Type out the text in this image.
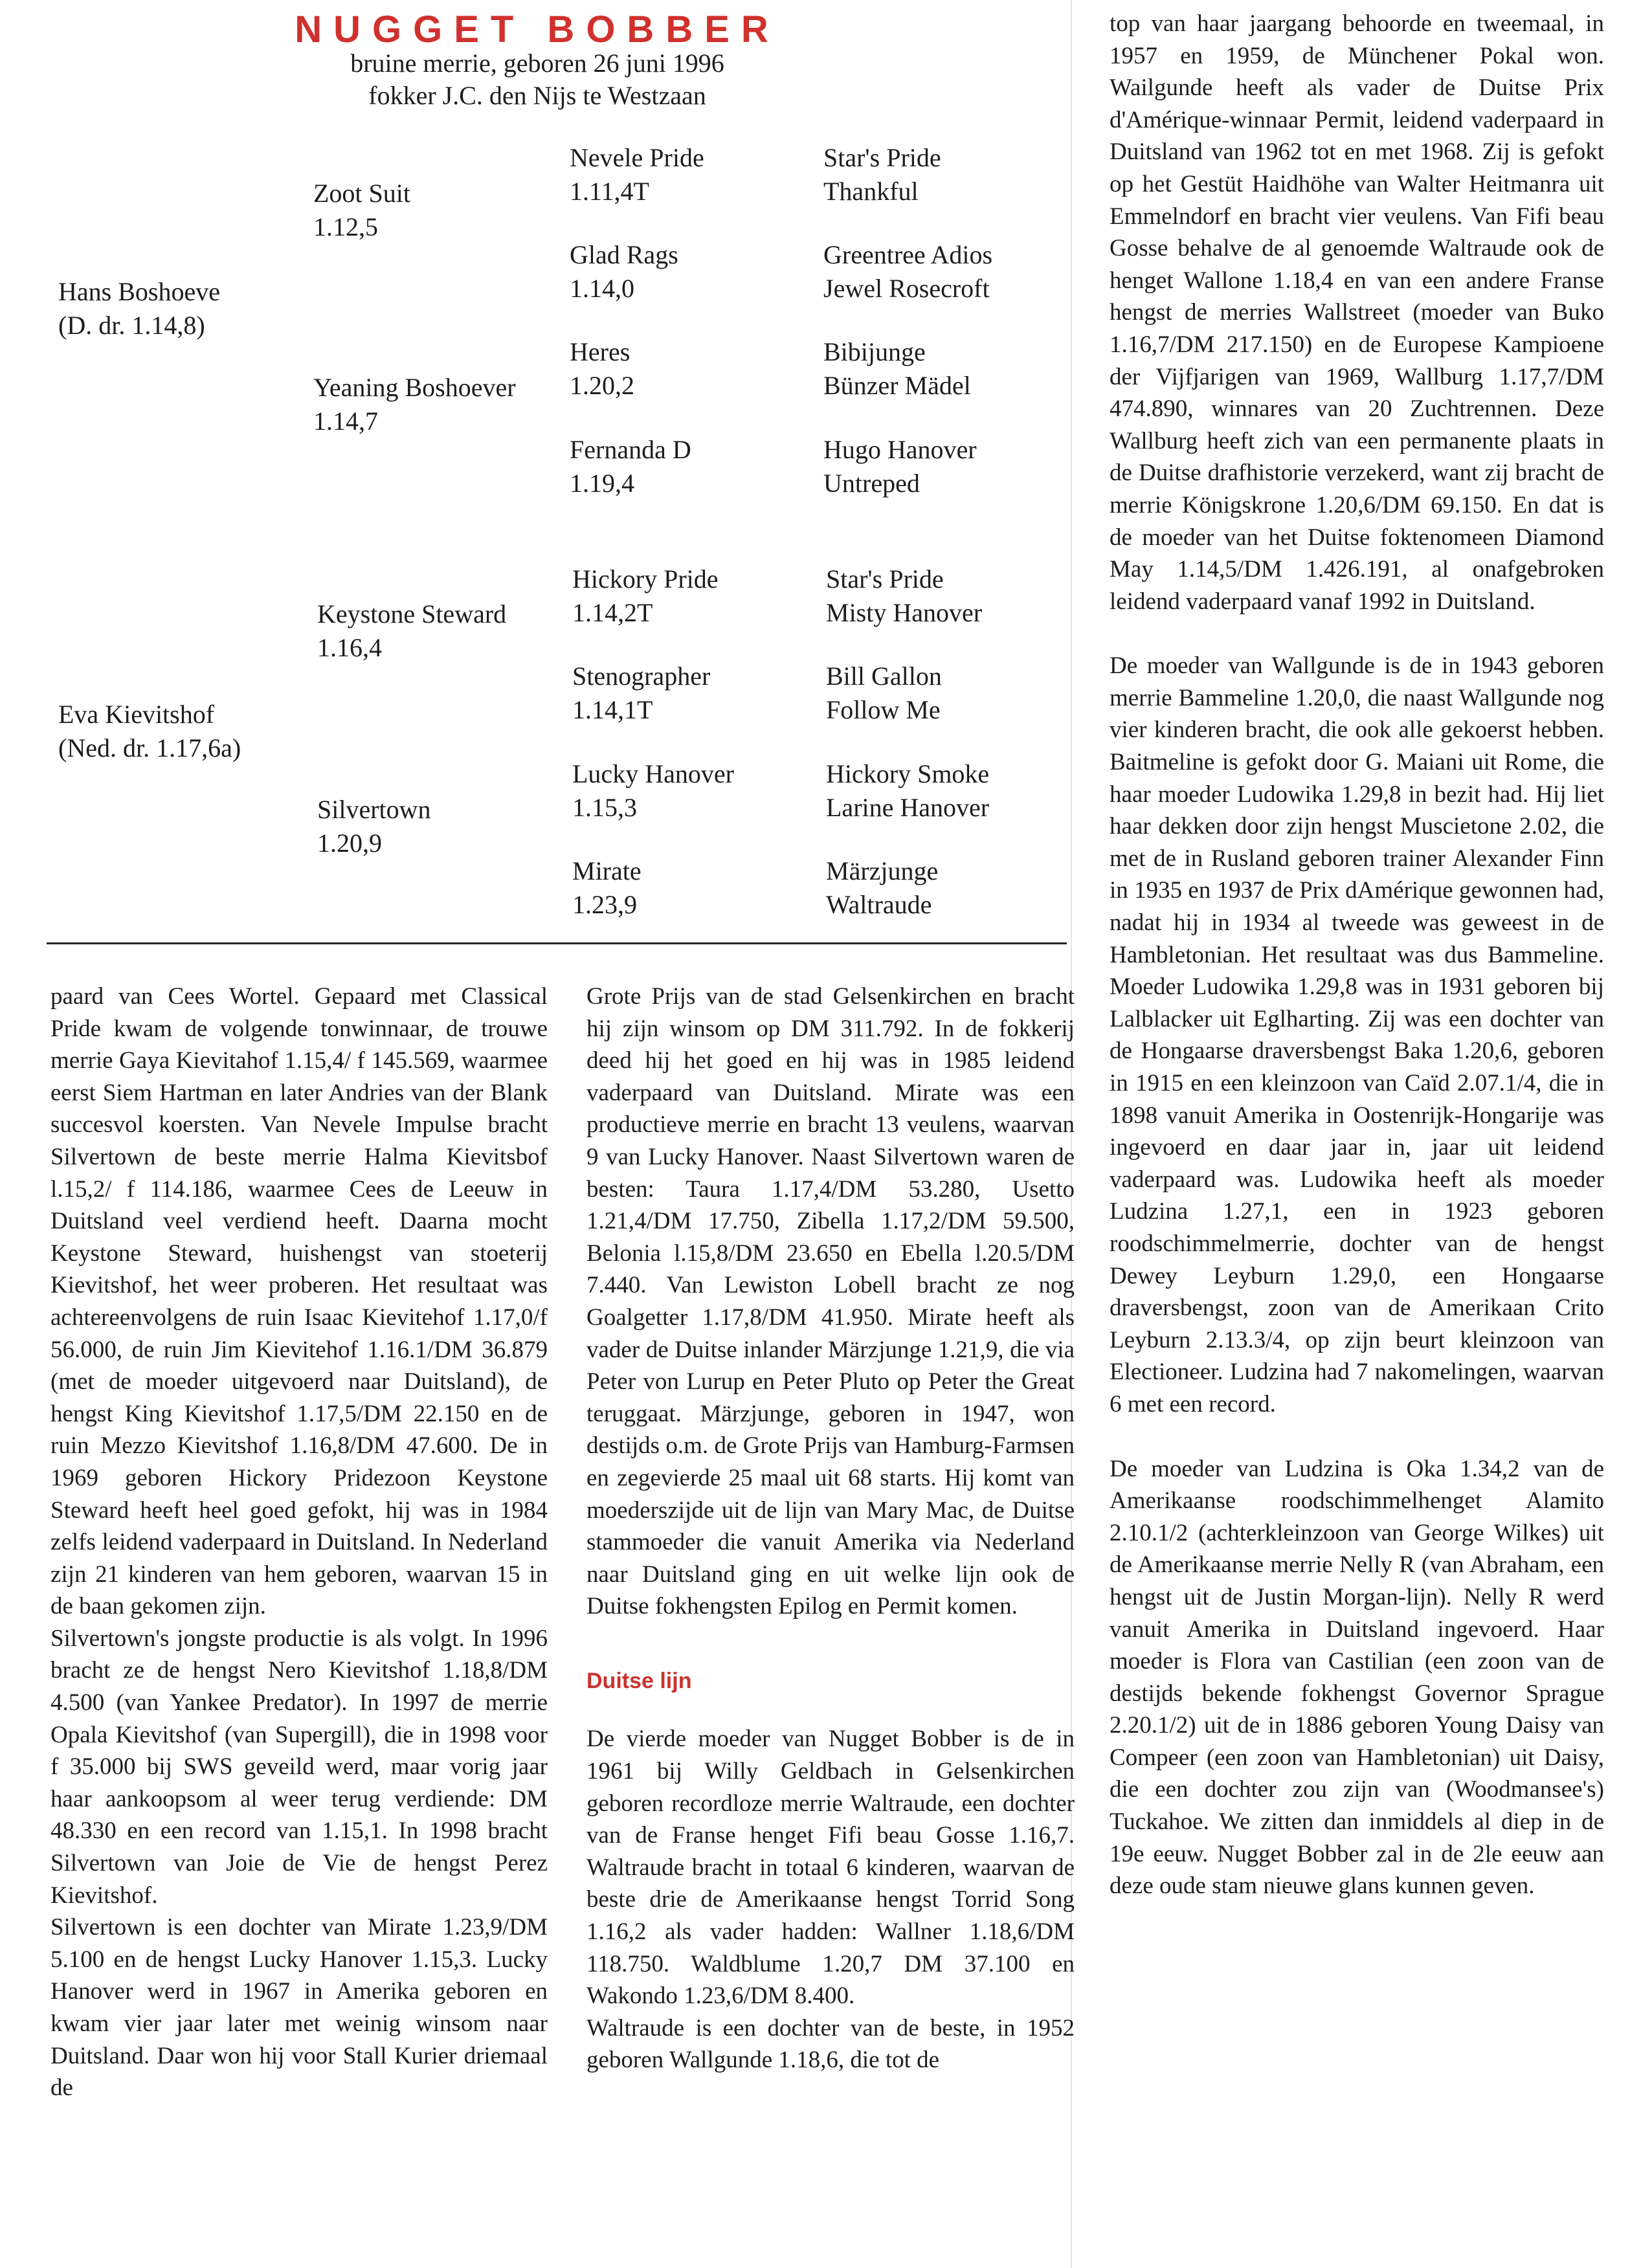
NUGGET BOBBER
bruine merrie, geboren 26 juni 1996
fokker J.C. den Nijs te Westzaan
Hans Boshoeve
(D. dr. 1.14,8)
Eva Kievitshof
(Ned. dr. 1.17,6a)
Zoot Suit
1.12,5
Yeaning Boshoever
1.14,7
Keystone Steward
1.16,4
Silvertown
1.20,9
Nevele Pride
1.11,4T
Glad Rags
1.14,0
Heres
1.20,2
Fernanda D
1.19,4
Hickory Pride
1.14,2T
Stenographer
1.14,1T
Lucky Hanover
1.15,3
Mirate
1.23,9
Star's Pride
Thankful
Greentree Adios
Jewel Rosecroft
Bibijunge
Bünzer Mädel
Hugo Hanover
Untreped
Star's Pride
Misty Hanover
Bill Gallon
Follow Me
Hickory Smoke
Larine Hanover
Märzjunge
Waltraude

paard van Cees Wortel. Gepaard met Classical Pride kwam de volgende tonwinnaar, de trouwe merrie Gaya Kievitahof 1.15,4/ f 145.569, waarmee eerst Siem Hartman en later Andries van der Blank succesvol koersten. Van Nevele Impulse bracht Silvertown de beste merrie Halma Kievitsbof l.15,2/ f 114.186, waarmee Cees de Leeuw in Duitsland veel verdiend heeft. Daarna mocht Keystone Steward, huishengst van stoeterij Kievitshof, het weer proberen. Het resultaat was achtereenvolgens de ruin Isaac Kievitehof 1.17,0/f 56.000, de ruin Jim Kievitehof 1.16.1/DM 36.879 (met de moeder uitgevoerd naar Duitsland), de hengst King Kievitshof 1.17,5/DM 22.150 en de ruin Mezzo Kievitshof 1.16,8/DM 47.600. De in 1969 geboren Hickory Pridezoon Keystone Steward heeft heel goed gefokt, hij was in 1984 zelfs leidend vaderpaard in Duitsland. In Nederland zijn 21 kinderen van hem geboren, waarvan 15 in de baan gekomen zijn.

Silvertown's jongste productie is als volgt. In 1996 bracht ze de hengst Nero Kievitshof 1.18,8/DM 4.500 (van Yankee Predator). In 1997 de merrie Opala Kievitshof (van Supergill), die in 1998 voor f 35.000 bij SWS geveild werd, maar vorig jaar haar aankoopsom al weer terug verdiende: DM 48.330 en een record van 1.15,1. In 1998 bracht Silvertown van Joie de Vie de hengst Perez Kievitshof.

Silvertown is een dochter van Mirate 1.23,9/DM 5.100 en de hengst Lucky Hanover 1.15,3. Lucky Hanover werd in 1967 in Amerika geboren en kwam vier jaar later met weinig winsom naar Duitsland. Daar won hij voor Stall Kurier driemaal de

Grote Prijs van de stad Gelsenkirchen en bracht hij zijn winsom op DM 311.792. In de fokkerij deed hij het goed en hij was in 1985 leidend vaderpaard van Duitsland. Mirate was een productieve merrie en bracht 13 veulens, waarvan 9 van Lucky Hanover. Naast Silvertown waren de besten: Taura 1.17,4/DM 53.280, Usetto 1.21,4/DM 17.750, Zibella 1.17,2/DM 59.500, Belonia l.15,8/DM 23.650 en Ebella l.20.5/DM 7.440. Van Lewiston Lobell bracht ze nog Goalgetter 1.17,8/DM 41.950. Mirate heeft als vader de Duitse inlander Märzjunge 1.21,9, die via Peter von Lurup en Peter Pluto op Peter the Great teruggaat. Märzjunge, geboren in 1947, won destijds o.m. de Grote Prijs van Hamburg-Farmsen en zegevierde 25 maal uit 68 starts. Hij komt van moederszijde uit de lijn van Mary Mac, de Duitse stammoeder die vanuit Amerika via Nederland naar Duitsland ging en uit welke lijn ook de Duitse fokhengsten Epilog en Permit komen.

Duitse lijn

De vierde moeder van Nugget Bobber is de in 1961 bij Willy Geldbach in Gelsenkirchen geboren recordloze merrie Waltraude, een dochter van de Franse henget Fifi beau Gosse 1.16,7. Waltraude bracht in totaal 6 kinderen, waarvan de beste drie de Amerikaanse hengst Torrid Song 1.16,2 als vader hadden: Wallner 1.18,6/DM 118.750. Waldblume 1.20,7 DM 37.100 en Wakondo 1.23,6/DM 8.400.

Waltraude is een dochter van de beste, in 1952 geboren Wallgunde 1.18,6, die tot de

top van haar jaargang behoorde en tweemaal, in 1957 en 1959, de Münchener Pokal won. Wailgunde heeft als vader de Duitse Prix d'Amérique-winnaar Permit, leidend vaderpaard in Duitsland van 1962 tot en met 1968. Zij is gefokt op het Gestüt Haidhöhe van Walter Heitmanra uit Emmelndorf en bracht vier veulens. Van Fifi beau Gosse behalve de al genoemde Waltraude ook de henget Wallone 1.18,4 en van een andere Franse hengst de merries Wallstreet (moeder van Buko 1.16,7/DM 217.150) en de Europese Kampioene der Vijfjarigen van 1969, Wallburg 1.17,7/DM 474.890, winnares van 20 Zuchtrennen. Deze Wallburg heeft zich van een permanente plaats in de Duitse drafhistorie verzekerd, want zij bracht de merrie Königskrone 1.20,6/DM 69.150. En dat is de moeder van het Duitse foktenomeen Diamond May 1.14,5/DM 1.426.191, al onafgebroken leidend vaderpaard vanaf 1992 in Duitsland.

De moeder van Wallgunde is de in 1943 geboren merrie Bammeline 1.20,0, die naast Wallgunde nog vier kinderen bracht, die ook alle gekoerst hebben. Baitmeline is gefokt door G. Maiani uit Rome, die haar moeder Ludowika 1.29,8 in bezit had. Hij liet haar dekken door zijn hengst Muscietone 2.02, die met de in Rusland geboren trainer Alexander Finn in 1935 en 1937 de Prix dAmérique gewonnen had, nadat hij in 1934 al tweede was geweest in de Hambletonian. Het resultaat was dus Bammeline. Moeder Ludowika 1.29,8 was in 1931 geboren bij Lalblacker uit Eglharting. Zij was een dochter van de Hongaarse draversbengst Baka 1.20,6, geboren in 1915 en een kleinzoon van Caïd 2.07.1/4, die in 1898 vanuit Amerika in Oostenrijk-Hongarije was ingevoerd en daar jaar in, jaar uit leidend vaderpaard was. Ludowika heeft als moeder Ludzina 1.27,1, een in 1923 geboren roodschimmelmerrie, dochter van de hengst Dewey Leyburn 1.29,0, een Hongaarse draversbengst, zoon van de Amerikaan Crito Leyburn 2.13.3/4, op zijn beurt kleinzoon van Electioneer. Ludzina had 7 nakomelingen, waarvan 6 met een record.

De moeder van Ludzina is Oka 1.34,2 van de Amerikaanse roodschimmelhenget Alamito 2.10.1/2 (achterkleinzoon van George Wilkes) uit de Amerikaanse merrie Nelly R (van Abraham, een hengst uit de Justin Morgan-lijn). Nelly R werd vanuit Amerika in Duitsland ingevoerd. Haar moeder is Flora van Castilian (een zoon van de destijds bekende fokhengst Governor Sprague 2.20.1/2) uit de in 1886 geboren Young Daisy van Compeer (een zoon van Hambletonian) uit Daisy, die een dochter zou zijn van (Woodmansee's) Tuckahoe. We zitten dan inmiddels al diep in de 19e eeuw. Nugget Bobber zal in de 2le eeuw aan deze oude stam nieuwe glans kunnen geven.
